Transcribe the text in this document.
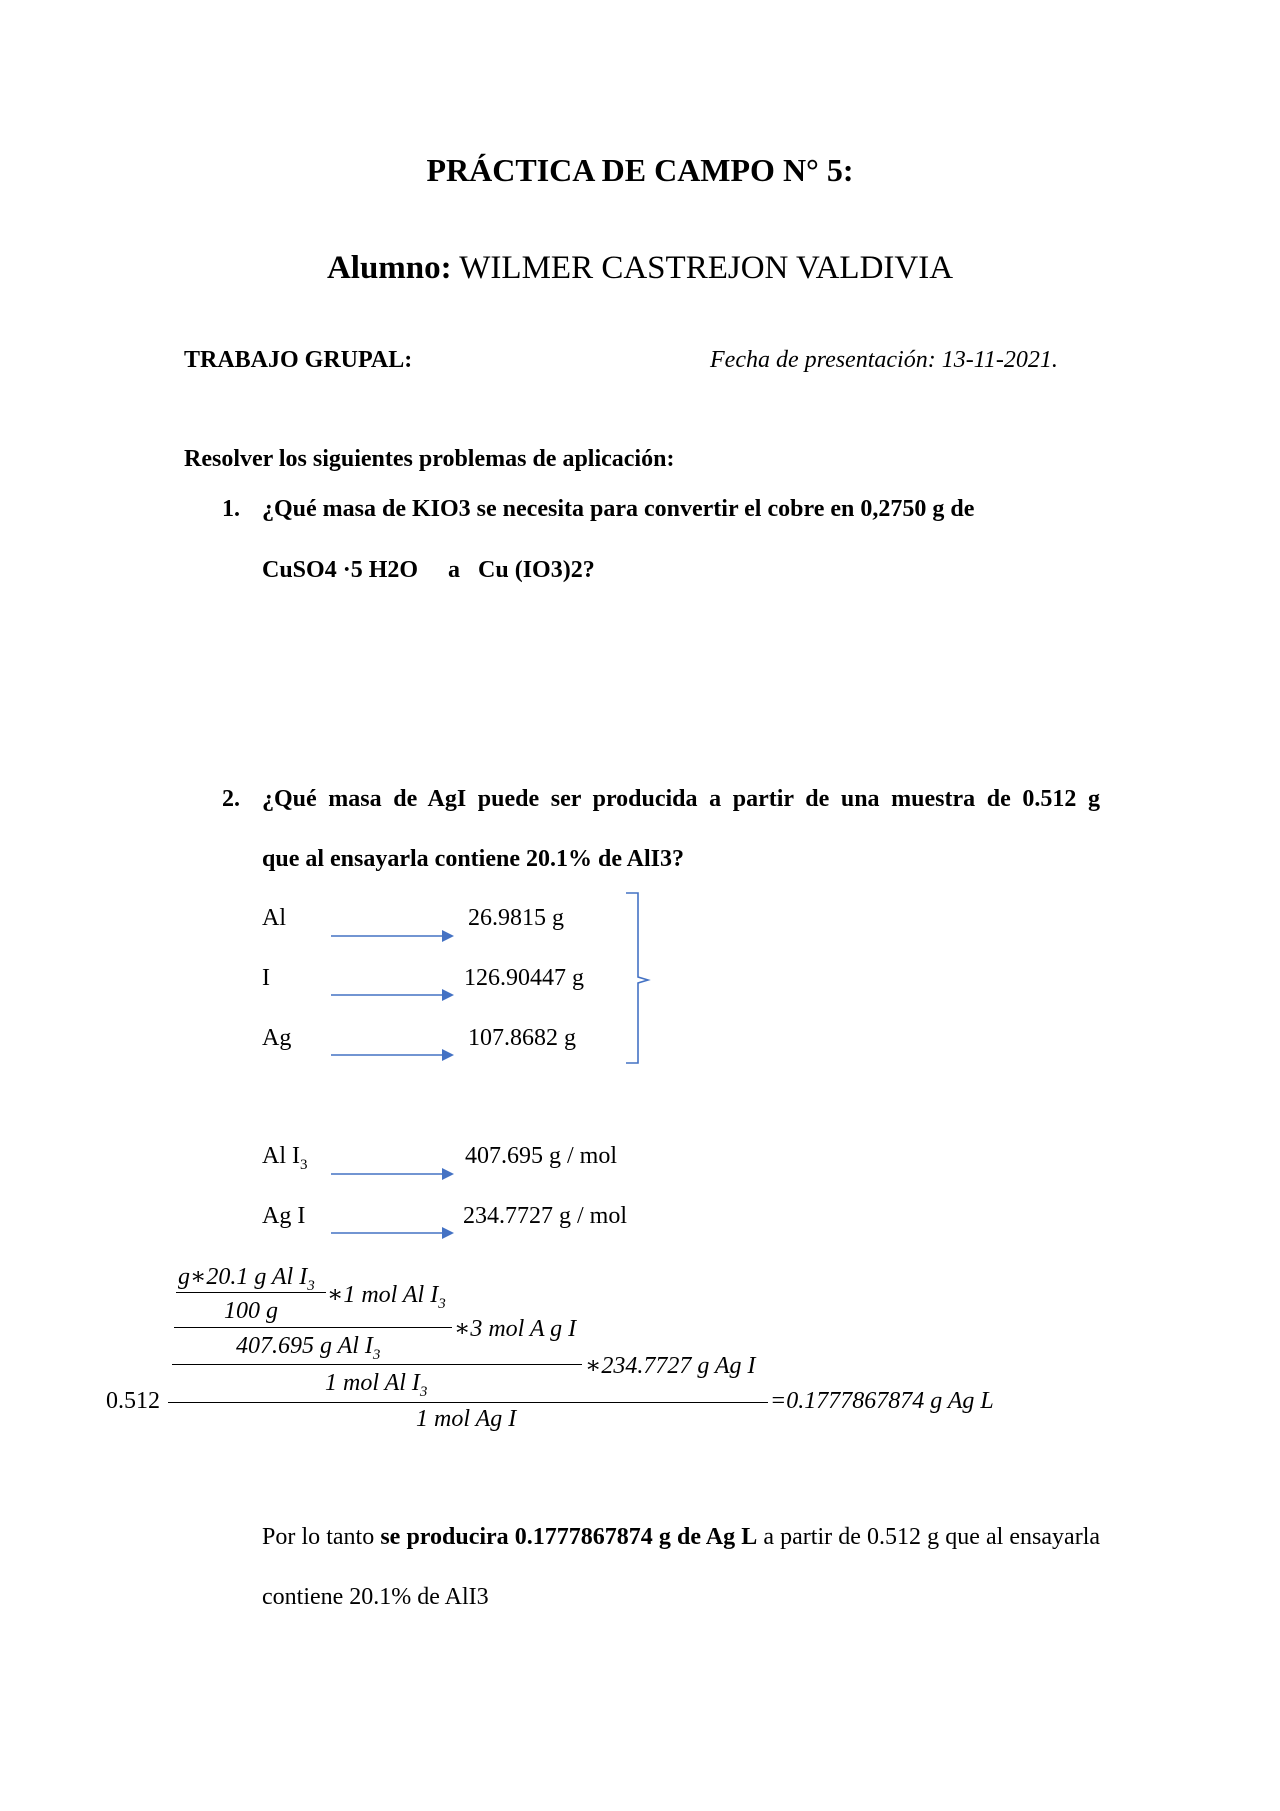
PRÁCTICA DE CAMPO N° 5:
Alumno: WILMER CASTREJON VALDIVIA
TRABAJO GRUPAL:	Fecha de presentación: 13-11-2021.
Resolver los siguientes problemas de aplicación:
1. ¿Qué masa de KIO3 se necesita para convertir el cobre en 0,2750 g de
CuSO4 ·5 H2O     a   Cu (IO3)2?
2. ¿Qué masa de AgI puede ser producida a partir de una muestra de 0.512 g
que al ensayarla contiene 20.1% de AlI3?
Al	26.9815 g
I	126.90447 g
Ag	107.8682 g
Al $I_3$	407.695 g / mol
Ag I	234.7727 g / mol
g∗20.1 g Al $I_3$ ∗1 mol Al $I_3$
100 g
∗3 mol A g I
407.695 g Al $I_3$	∗234.7727 g Ag I
1 mol Al $I_3$
0.512
1 mol Ag I
=0.1777867874 g Ag L
Por lo tanto se producira 0.1777867874 g de Ag L a partir de 0.512 g que al ensayarla contiene 20.1% de AlI3
